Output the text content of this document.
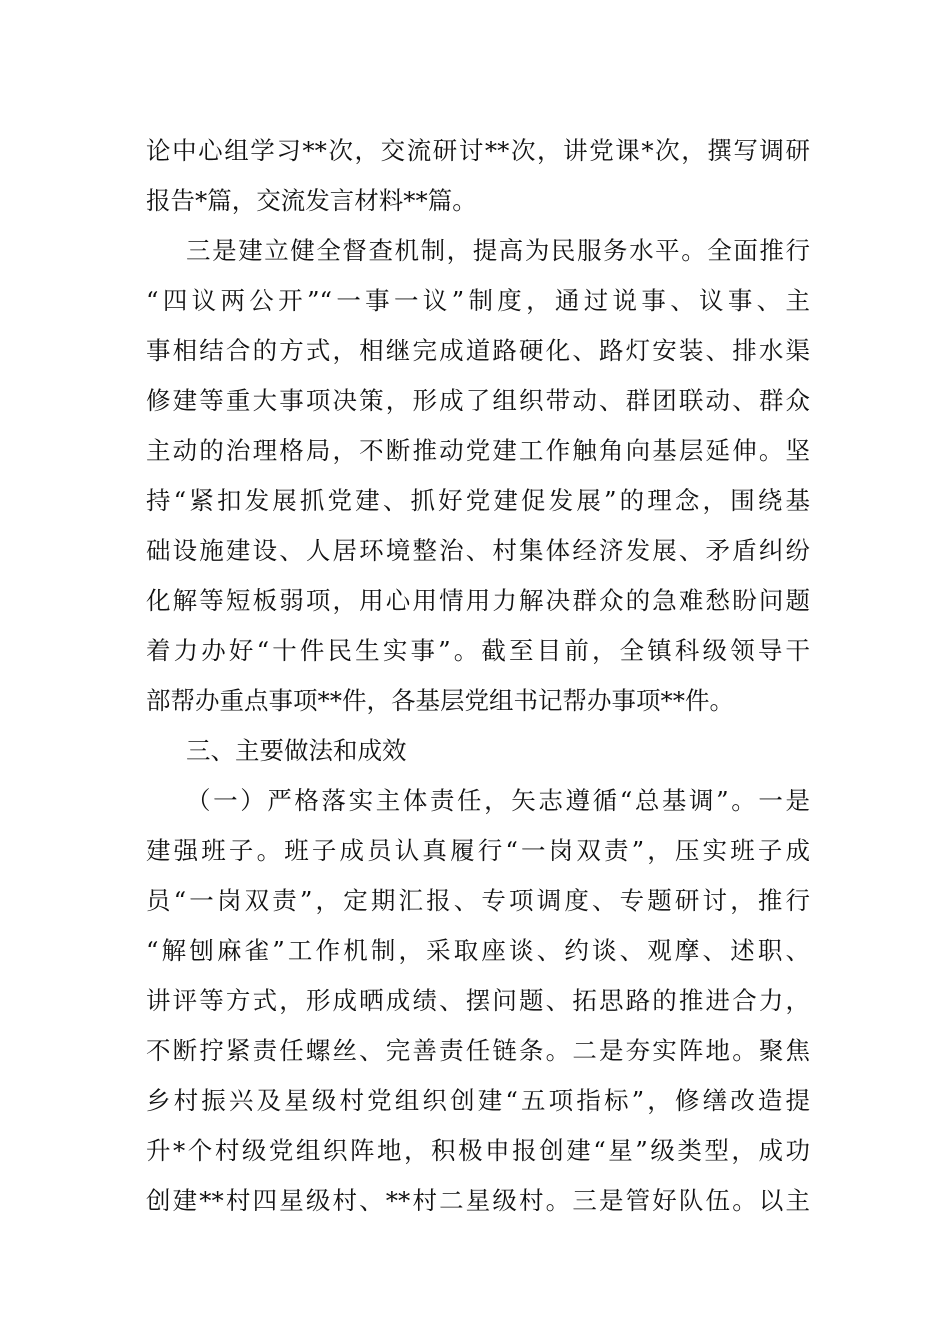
论中心组学习**次，交流研讨**次，讲党课*次，撰写调研
报告*篇，交流发言材料**篇。
三是建立健全督查机制，提高为民服务水平。全面推行
“四议两公开”“一事一议”制度，通过说事、议事、主
事相结合的方式，相继完成道路硬化、路灯安装、排水渠
修建等重大事项决策，形成了组织带动、群团联动、群众
主动的治理格局，不断推动党建工作触角向基层延伸。坚
持“紧扣发展抓党建、抓好党建促发展”的理念，围绕基
础设施建设、人居环境整治、村集体经济发展、矛盾纠纷
化解等短板弱项，用心用情用力解决群众的急难愁盼问题
着力办好“十件民生实事”。截至目前，全镇科级领导干
部帮办重点事项**件，各基层党组书记帮办事项**件。
三、主要做法和成效
（一）严格落实主体责任，矢志遵循“总基调”。一是
建强班子。班子成员认真履行“一岗双责”，压实班子成
员“一岗双责”，定期汇报、专项调度、专题研讨，推行
“解刨麻雀”工作机制，采取座谈、约谈、观摩、述职、
讲评等方式，形成晒成绩、摆问题、拓思路的推进合力，
不断拧紧责任螺丝、完善责任链条。二是夯实阵地。聚焦
乡村振兴及星级村党组织创建“五项指标”，修缮改造提
升*个村级党组织阵地，积极申报创建“星”级类型，成功
创建**村四星级村、**村二星级村。三是管好队伍。以主
